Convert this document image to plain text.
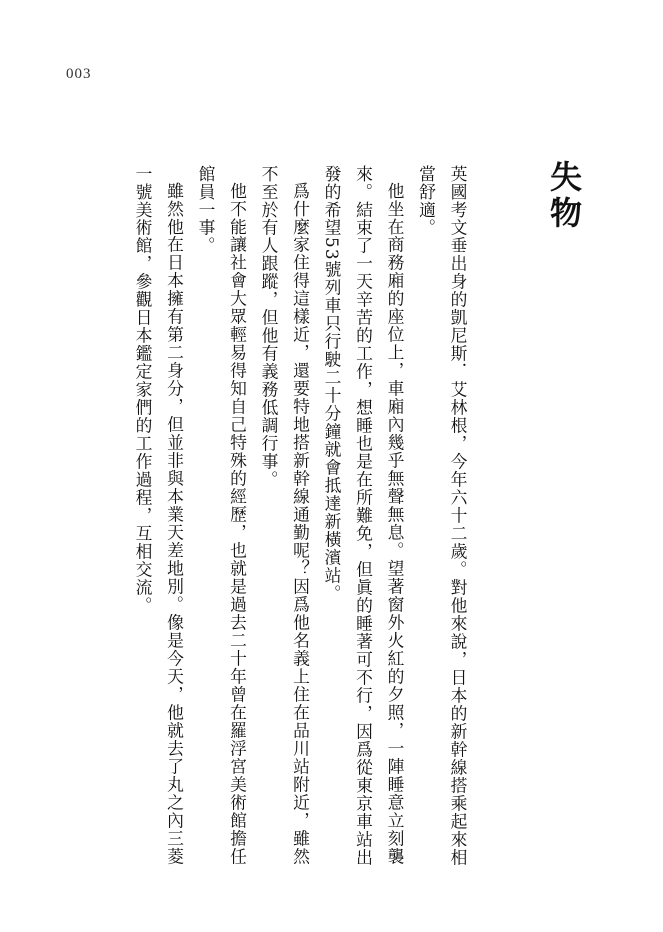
003
失物

英國考文垂出身的凱尼斯．艾林根，今年六十二歲。對他來說，日本的新幹線搭乘起來相當舒適。

他坐在商務廂的座位上，車廂內幾乎無聲無息。望著窗外火紅的夕照，一陣睡意立刻襲來。結束了一天辛苦的工作，想睡也是在所難免，但眞的睡著可不行，因爲從東京車站出發的希望53號列車只行駛二十分鐘就會抵達新橫濱站。

爲什麼家住得這樣近，還要特地搭新幹線通勤呢？因爲他名義上住在品川站附近，雖然不至於有人跟蹤，但他有義務低調行事。

他不能讓社會大眾輕易得知自己特殊的經歷，也就是過去二十年曾在羅浮宮美術館擔任館員一事。

雖然他在日本擁有第二身分，但並非與本業天差地別。像是今天，他就去了丸之內三菱一號美術館，參觀日本鑑定家們的工作過程，互相交流。
